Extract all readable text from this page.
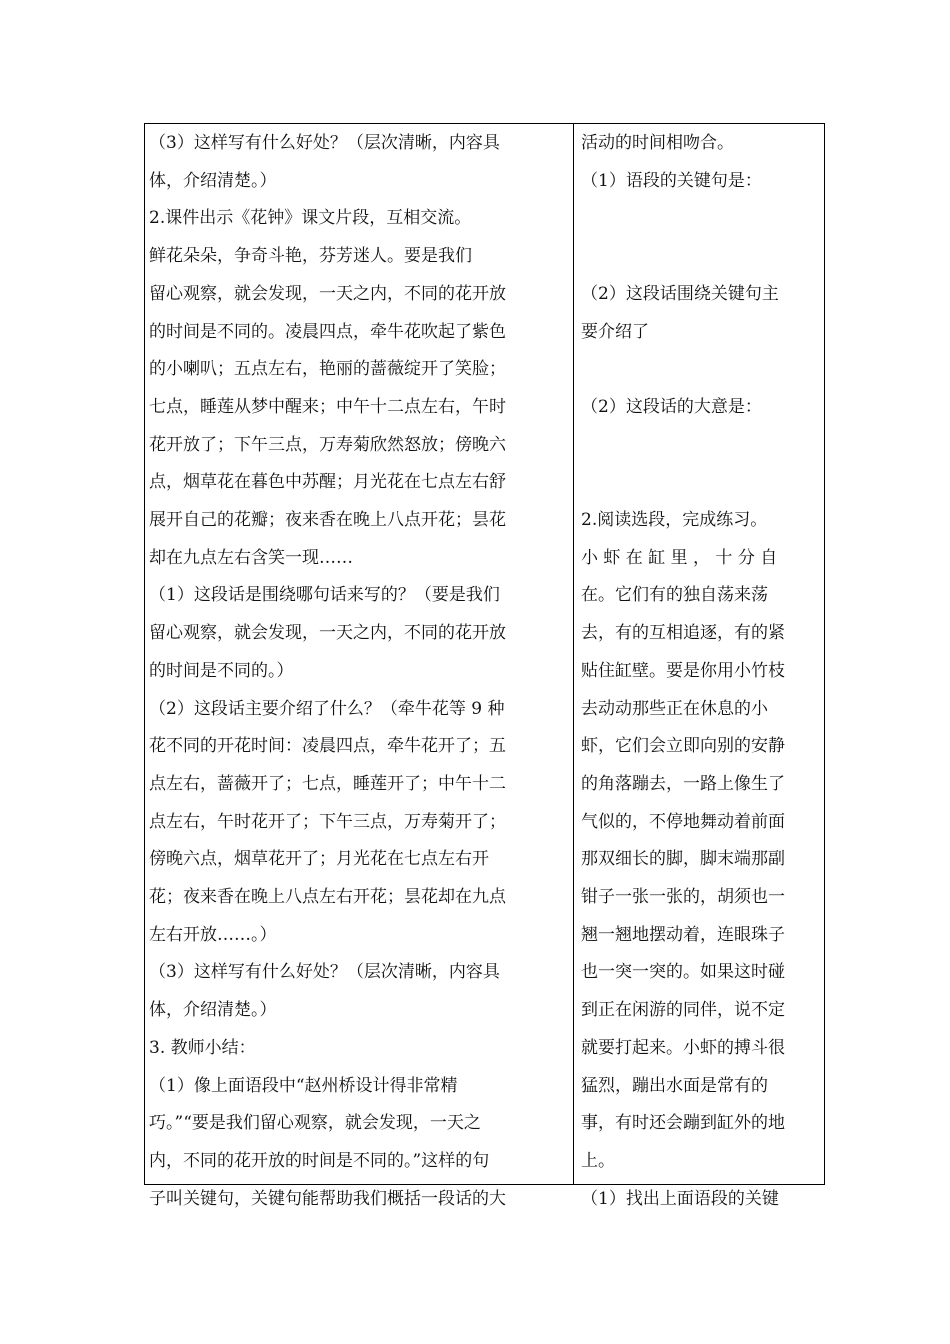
（3）这样写有什么好处？（层次清晰，内容具
体，介绍清楚。）
2.课件出示《花钟》课文片段，互相交流。
鲜花朵朵，争奇斗艳，芬芳迷人。要是我们
留心观察，就会发现，一天之内，不同的花开放
的时间是不同的。凌晨四点，牵牛花吹起了紫色
的小喇叭；五点左右，艳丽的蔷薇绽开了笑脸；
七点，睡莲从梦中醒来；中午十二点左右，午时
花开放了；下午三点，万寿菊欣然怒放；傍晚六
点，烟草花在暮色中苏醒；月光花在七点左右舒
展开自己的花瓣；夜来香在晚上八点开花；昙花
却在九点左右含笑一现……
（1）这段话是围绕哪句话来写的？（要是我们
留心观察，就会发现，一天之内，不同的花开放
的时间是不同的。）
（2）这段话主要介绍了什么？（牵牛花等 9 种
花不同的开花时间：凌晨四点，牵牛花开了；五
点左右，蔷薇开了；七点，睡莲开了；中午十二
点左右，午时花开了；下午三点，万寿菊开了；
傍晚六点，烟草花开了；月光花在七点左右开
花；夜来香在晚上八点左右开花；昙花却在九点
左右开放……。）
（3）这样写有什么好处？（层次清晰，内容具
体，介绍清楚。）
3. 教师小结：
（1）像上面语段中“赵州桥设计得非常精
巧。”“要是我们留心观察，就会发现，一天之
内，不同的花开放的时间是不同的。”这样的句
子叫关键句，关键句能帮助我们概括一段话的大
活动的时间相吻合。
（1）语段的关键句是：
（2）这段话围绕关键句主
要介绍了
（2）这段话的大意是：
2.阅读选段，完成练习。
小 虾 在 缸 里 ， 十 分 自
在。它们有的独自荡来荡
去，有的互相追逐，有的紧
贴住缸壁。要是你用小竹枝
去动动那些正在休息的小
虾，它们会立即向别的安静
的角落蹦去，一路上像生了
气似的，不停地舞动着前面
那双细长的脚，脚末端那副
钳子一张一张的，胡须也一
翘一翘地摆动着，连眼珠子
也一突一突的。如果这时碰
到正在闲游的同伴，说不定
就要打起来。小虾的搏斗很
猛烈，蹦出水面是常有的
事，有时还会蹦到缸外的地
上。
（1）找出上面语段的关键
